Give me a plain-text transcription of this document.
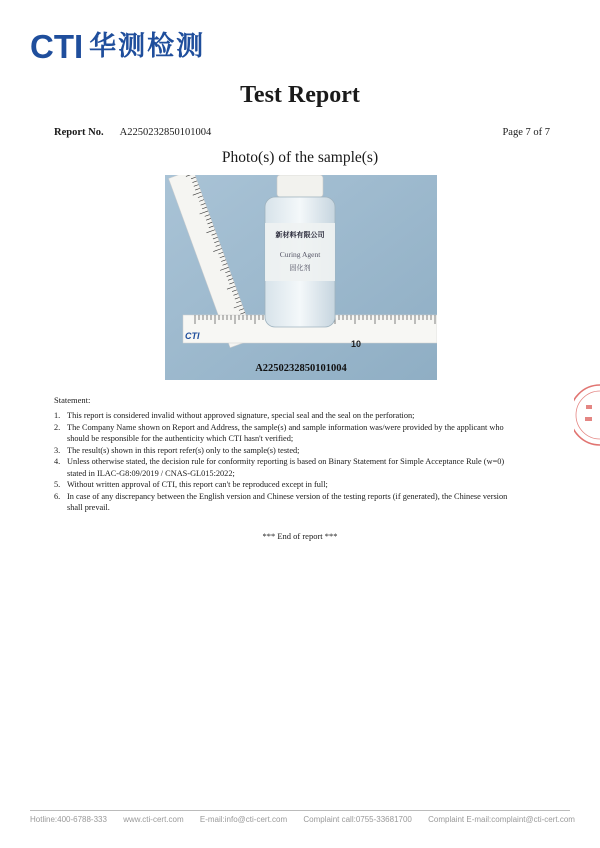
CTI 华测检测
Test Report
Report No. A2250232850101004	Page 7 of 7
Photo(s) of the sample(s)
CTI
10
新材料有限公司
Curing Agent
固化剂
A2250232850101004
Statement:
1. This report is considered invalid without approved signature, special seal and the seal on the perforation;
2. The Company Name shown on Report and Address, the sample(s) and sample information was/were provided by the applicant who should be responsible for the authenticity which CTI hasn't verified;
3. The result(s) shown in this report refer(s) only to the sample(s) tested;
4. Unless otherwise stated, the decision rule for conformity reporting is based on Binary Statement for Simple Acceptance Rule (w=0) stated in ILAC-G8:09/2019 / CNAS-GL015:2022;
5. Without written approval of CTI, this report can't be reproduced except in full;
6. In case of any discrepancy between the English version and Chinese version of the testing reports (if generated), the Chinese version shall prevail.
*** End of report ***
Hotline:400-6788-333 www.cti-cert.com E-mail:info@cti-cert.com Complaint call:0755-33681700 Complaint E-mail:complaint@cti-cert.com
